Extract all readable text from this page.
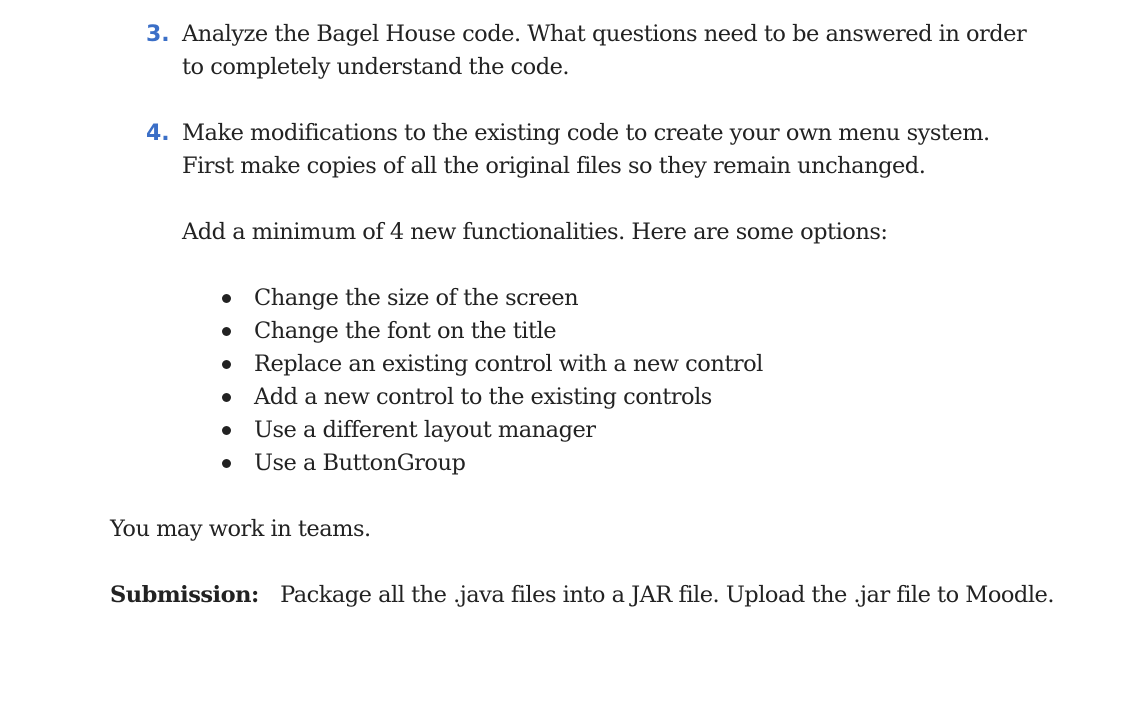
3. Analyze the Bagel House code. What questions need to be answered in order
to completely understand the code.
4. Make modifications to the existing code to create your own menu system.
First make copies of all the original files so they remain unchanged.
Add a minimum of 4 new functionalities. Here are some options:
Change the size of the screen
Change the font on the title
Replace an existing control with a new control
Add a new control to the existing controls
Use a different layout manager
Use a ButtonGroup
You may work in teams.
Submission: Package all the .java files into a JAR file. Upload the .jar file to Moodle.
